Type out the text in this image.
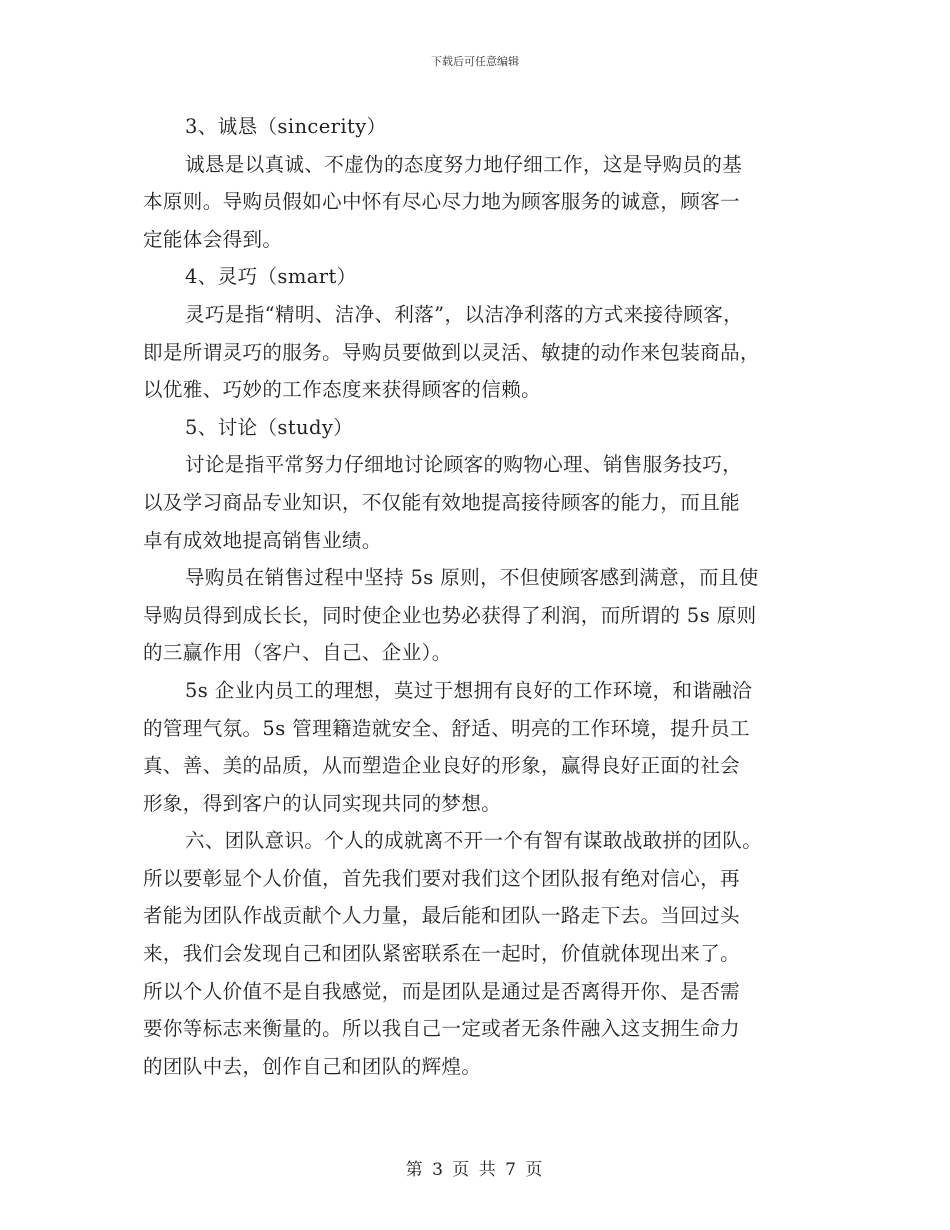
下载后可任意编辑
3、诚恳（sincerity）
诚恳是以真诚、不虚伪的态度努力地仔细工作，这是导购员的基
本原则。导购员假如心中怀有尽心尽力地为顾客服务的诚意，顾客一
定能体会得到。
4、灵巧（smart）
灵巧是指“精明、洁净、利落”，以洁净利落的方式来接待顾客，
即是所谓灵巧的服务。导购员要做到以灵活、敏捷的动作来包装商品，
以优雅、巧妙的工作态度来获得顾客的信赖。
5、讨论（study）
讨论是指平常努力仔细地讨论顾客的购物心理、销售服务技巧，
以及学习商品专业知识，不仅能有效地提高接待顾客的能力，而且能
卓有成效地提高销售业绩。
导购员在销售过程中坚持 5s 原则，不但使顾客感到满意，而且使
导购员得到成长长，同时使企业也势必获得了利润，而所谓的 5s 原则
的三赢作用（客户、自己、企业）。
5s 企业内员工的理想，莫过于想拥有良好的工作环境，和谐融洽
的管理气氛。5s 管理籍造就安全、舒适、明亮的工作环境，提升员工
真、善、美的品质，从而塑造企业良好的形象，赢得良好正面的社会
形象，得到客户的认同实现共同的梦想。
六、团队意识。个人的成就离不开一个有智有谋敢战敢拼的团队。
所以要彰显个人价值，首先我们要对我们这个团队报有绝对信心，再
者能为团队作战贡献个人力量，最后能和团队一路走下去。当回过头
来，我们会发现自己和团队紧密联系在一起时，价值就体现出来了。
所以个人价值不是自我感觉，而是团队是通过是否离得开你、是否需
要你等标志来衡量的。所以我自己一定或者无条件融入这支拥生命力
的团队中去，创作自己和团队的辉煌。
第 3 页 共 7 页
